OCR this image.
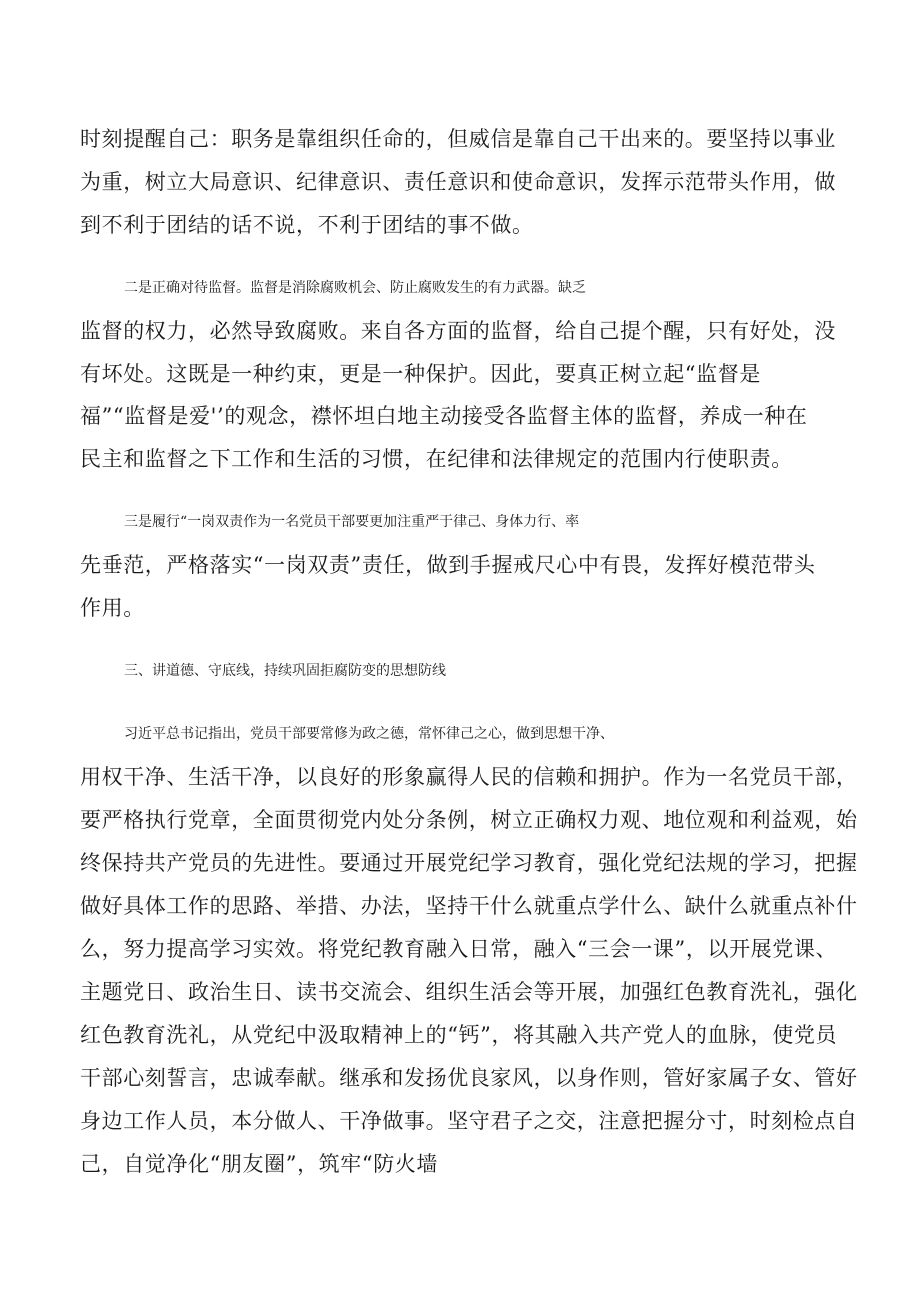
时刻提醒自己：职务是靠组织任命的，但威信是靠自己干出来的。要坚持以事业
为重，树立大局意识、纪律意识、责任意识和使命意识，发挥示范带头作用，做
到不利于团结的话不说，不利于团结的事不做。
二是正确对待监督。监督是消除腐败机会、防止腐败发生的有力武器。缺乏
监督的权力，必然导致腐败。来自各方面的监督，给自己提个醒，只有好处，没
有坏处。这既是一种约束，更是一种保护。因此，要真正树立起“监督是
福”“监督是爱'’的观念，襟怀坦白地主动接受各监督主体的监督，养成一种在
民主和监督之下工作和生活的习惯，在纪律和法律规定的范围内行使职责。
三是履行“一岗双责作为一名党员干部要更加注重严于律己、身体力行、率
先垂范，严格落实“一岗双责”责任，做到手握戒尺心中有畏，发挥好模范带头
作用。
三、讲道德、守底线，持续巩固拒腐防变的思想防线
习近平总书记指出，党员干部要常修为政之德，常怀律己之心，做到思想干净、
用权干净、生活干净，以良好的形象赢得人民的信赖和拥护。作为一名党员干部，
要严格执行党章，全面贯彻党内处分条例，树立正确权力观、地位观和利益观，始
终保持共产党员的先进性。要通过开展党纪学习教育，强化党纪法规的学习，把握
做好具体工作的思路、举措、办法，坚持干什么就重点学什么、缺什么就重点补什
么，努力提高学习实效。将党纪教育融入日常，融入“三会一课”，以开展党课、
主题党日、政治生日、读书交流会、组织生活会等开展，加强红色教育洗礼，强化
红色教育洗礼，从党纪中汲取精神上的“钙”，将其融入共产党人的血脉，使党员
干部心刻誓言，忠诚奉献。继承和发扬优良家风，以身作则，管好家属子女、管好
身边工作人员，本分做人、干净做事。坚守君子之交，注意把握分寸，时刻检点自
己，自觉净化“朋友圈”，筑牢“防火墙
